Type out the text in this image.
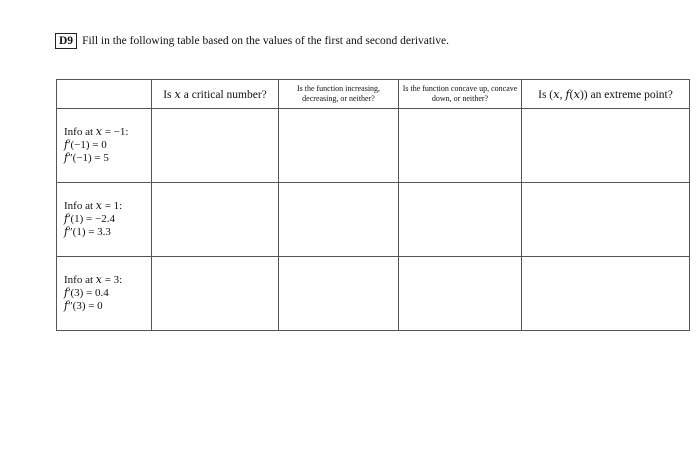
D9 Fill in the following table based on the values of the first and second derivative.
	Is 𝑥 a critical number?	Is the function increasing, decreasing, or neither?	Is the function concave up, concave down, or neither?	Is (𝑥, 𝑓(𝑥)) an extreme point?

Info at 𝑥 = −1:
𝑓′(−1) = 0
𝑓″(−1) = 5				

Info at 𝑥 = 1:
𝑓′(1) = −2.4
𝑓″(1) = 3.3				

Info at 𝑥 = 3:
𝑓′(3) = 0.4
𝑓″(3) = 0				
